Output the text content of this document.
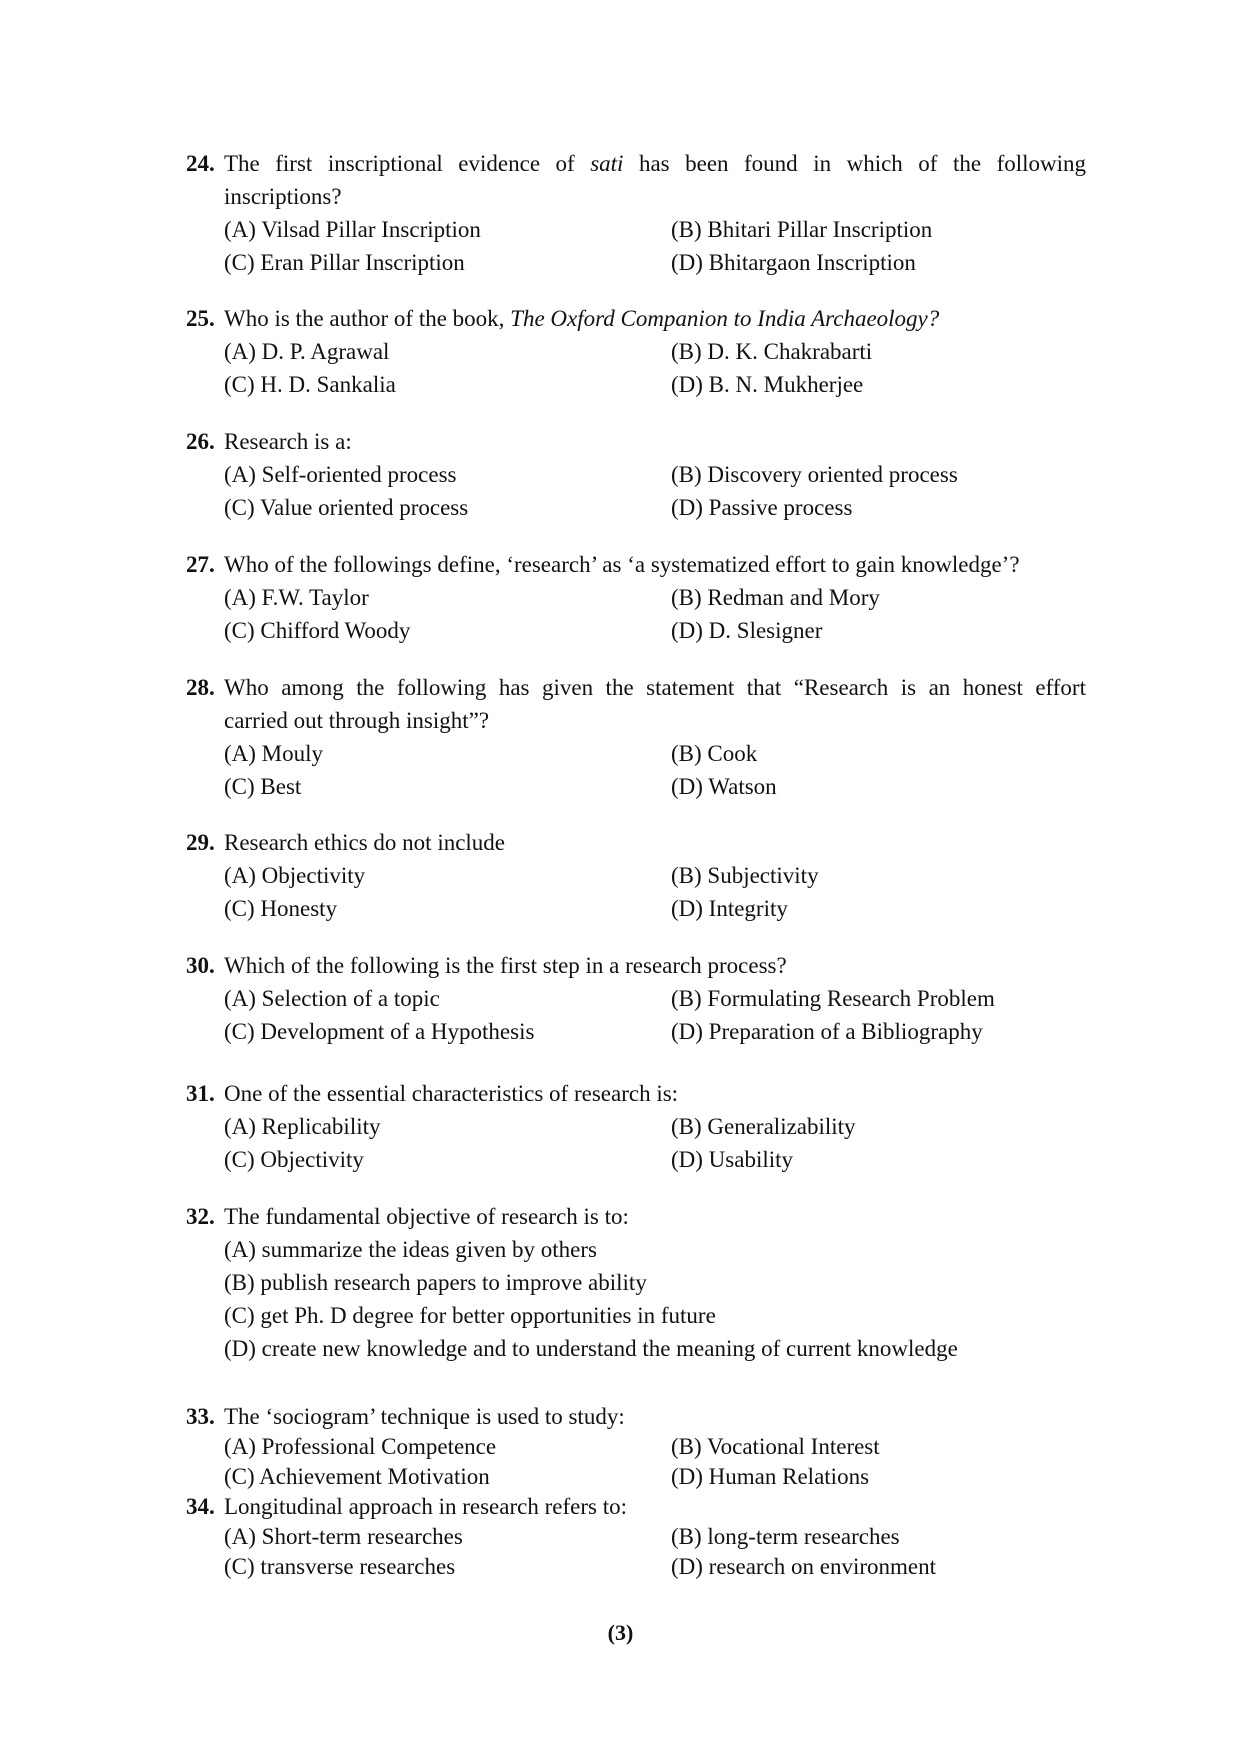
24. The first inscriptional evidence of sati has been found in which of the following
inscriptions?
(A) Vilsad Pillar Inscription	(B) Bhitari Pillar Inscription
(C) Eran Pillar Inscription	(D) Bhitargaon Inscription
25. Who is the author of the book, The Oxford Companion to India Archaeology?
(A) D. P. Agrawal	(B) D. K. Chakrabarti
(C) H. D. Sankalia	(D) B. N. Mukherjee
26. Research is a:
(A) Self-oriented process	(B) Discovery oriented process
(C) Value oriented process	(D) Passive process
27. Who of the followings define, ‘research’ as ‘a systematized effort to gain knowledge’?
(A) F.W. Taylor	(B) Redman and Mory
(C) Chifford Woody	(D) D. Slesigner
28. Who among the following has given the statement that “Research is an honest effort
carried out through insight”?
(A) Mouly	(B) Cook
(C) Best	(D) Watson
29. Research ethics do not include
(A) Objectivity	(B) Subjectivity
(C) Honesty	(D) Integrity
30. Which of the following is the first step in a research process?
(A) Selection of a topic	(B) Formulating Research Problem
(C) Development of a Hypothesis	(D) Preparation of a Bibliography
31. One of the essential characteristics of research is:
(A) Replicability	(B) Generalizability
(C) Objectivity	(D) Usability
32. The fundamental objective of research is to:
(A) summarize the ideas given by others
(B) publish research papers to improve ability
(C) get Ph. D degree for better opportunities in future
(D) create new knowledge and to understand the meaning of current knowledge
33. The ‘sociogram’ technique is used to study:
(A) Professional Competence	(B) Vocational Interest
(C) Achievement Motivation	(D) Human Relations
34. Longitudinal approach in research refers to:
(A) Short-term researches	(B) long-term researches
(C) transverse researches	(D) research on environment
(3)
